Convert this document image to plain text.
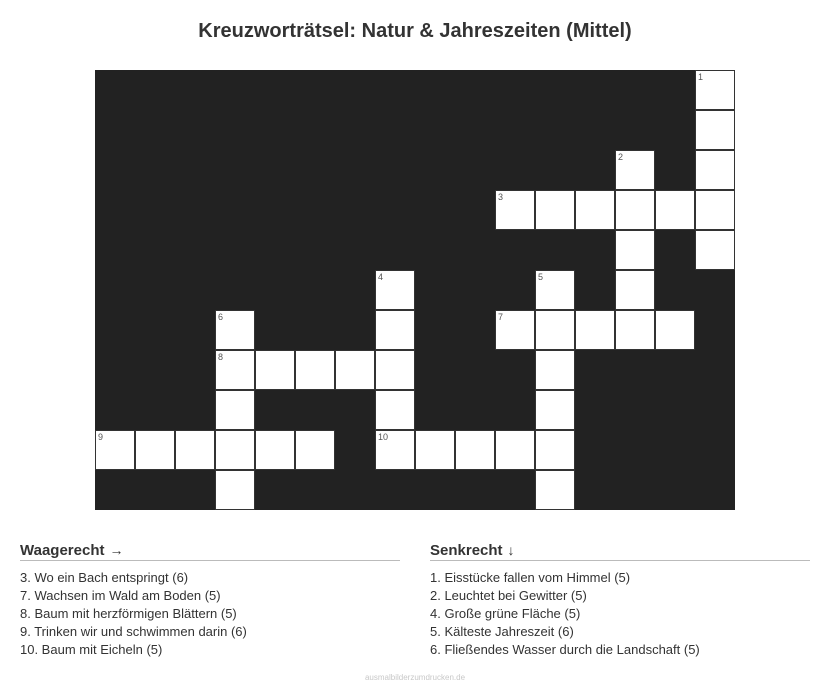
Kreuzworträtsel: Natur & Jahreszeiten (Mittel)
1
2
3
4	5
6	7
8
9	10
Waagerecht →
3. Wo ein Bach entspringt (6)
7. Wachsen im Wald am Boden (5)
8. Baum mit herzförmigen Blättern (5)
9. Trinken wir und schwimmen darin (6)
10. Baum mit Eicheln (5)
Senkrecht ↓
1. Eisstücke fallen vom Himmel (5)
2. Leuchtet bei Gewitter (5)
4. Große grüne Fläche (5)
5. Kälteste Jahreszeit (6)
6. Fließendes Wasser durch die Landschaft (5)
ausmalbilderzumdrucken.de
